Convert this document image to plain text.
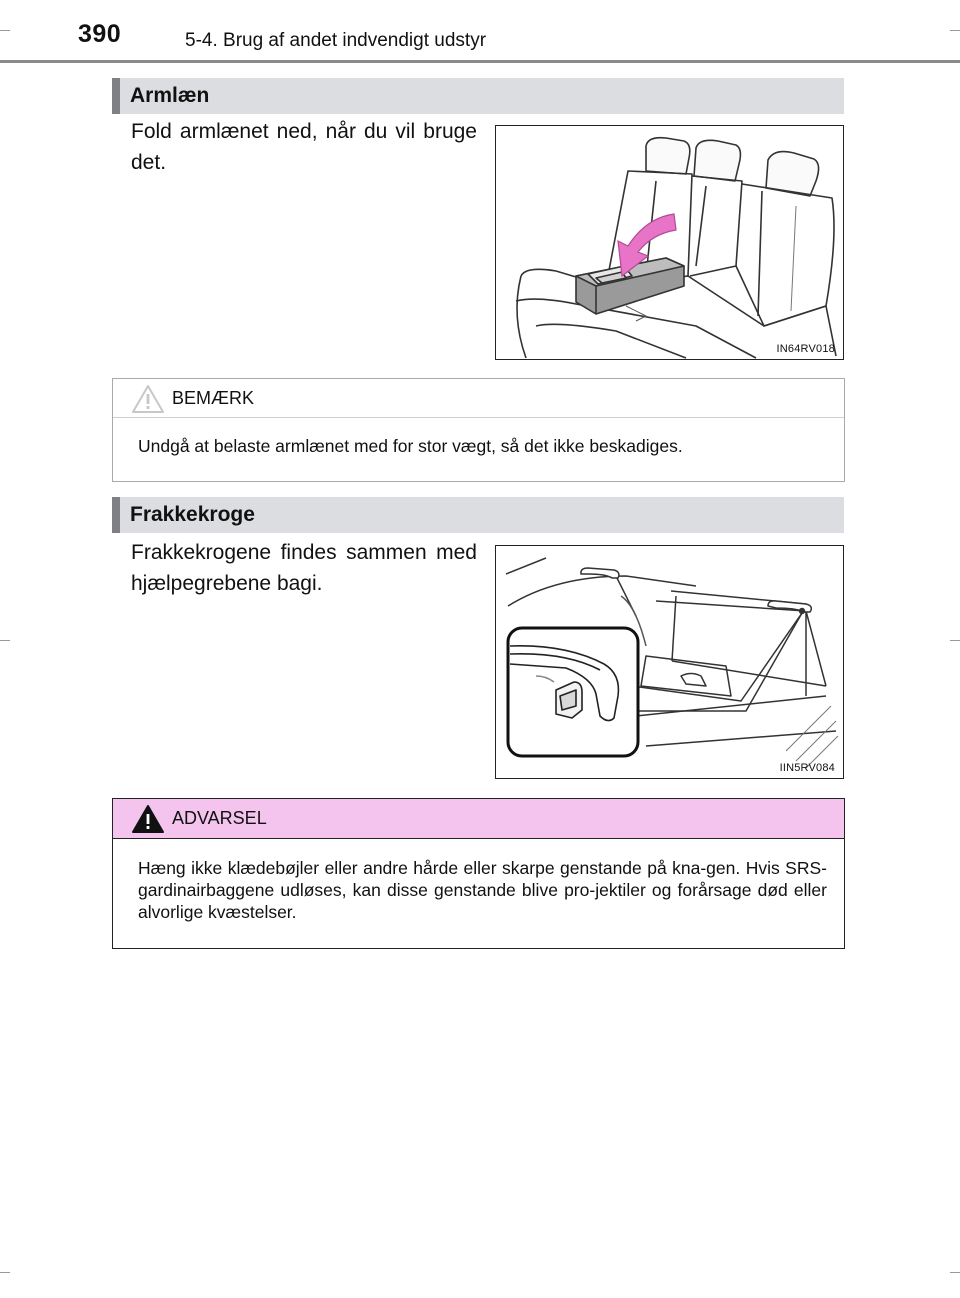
390	5-4. Brug af andet indvendigt udstyr
Armlæn
Fold armlænet ned, når du vil bruge det.
IN64RV018
BEMÆRK
Undgå at belaste armlænet med for stor vægt, så det ikke beskadiges.
Frakkekroge
Frakkekrogene findes sammen med hjælpegrebene bagi.
IIN5RV084
ADVARSEL
Hæng ikke klædebøjler eller andre hårde eller skarpe genstande på kna-gen. Hvis SRS-gardinairbaggene udløses, kan disse genstande blive pro-jektiler og forårsage død eller alvorlige kvæstelser.
